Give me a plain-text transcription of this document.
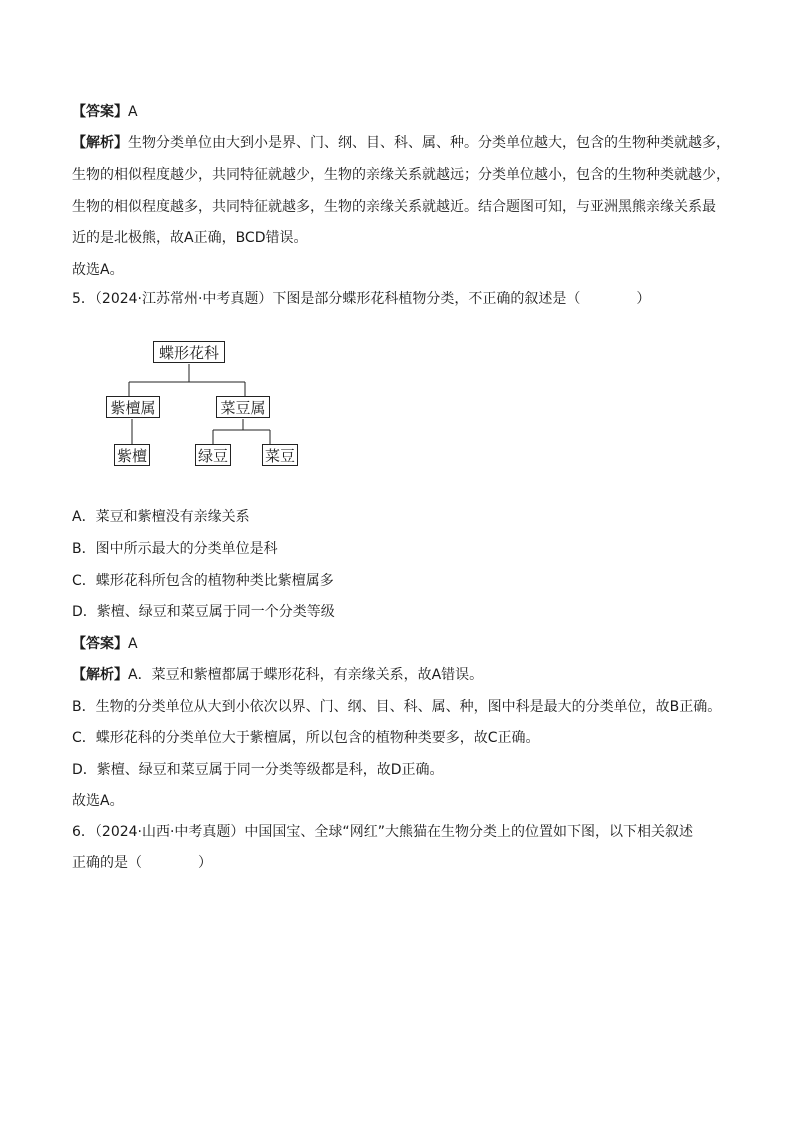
【答案】A
【解析】生物分类单位由大到小是界、门、纲、目、科、属、种。分类单位越大，包含的生物种类就越多，
生物的相似程度越少，共同特征就越少，生物的亲缘关系就越远；分类单位越小，包含的生物种类就越少，
生物的相似程度越多，共同特征就越多，生物的亲缘关系就越近。结合题图可知，与亚洲黑熊亲缘关系最
近的是北极熊，故A正确，BCD错误。
故选A。
5．（2024·江苏常州·中考真题）下图是部分蝶形花科植物分类，不正确的叙述是（　　　　）
蝶形花科
紫檀属	菜豆属
紫檀	绿豆 菜豆
A．菜豆和紫檀没有亲缘关系
B．图中所示最大的分类单位是科
C．蝶形花科所包含的植物种类比紫檀属多
D．紫檀、绿豆和菜豆属于同一个分类等级
【答案】A
【解析】A．菜豆和紫檀都属于蝶形花科，有亲缘关系，故A错误。
B．生物的分类单位从大到小依次以界、门、纲、目、科、属、种，图中科是最大的分类单位，故B正确。
C．蝶形花科的分类单位大于紫檀属，所以包含的植物种类要多，故C正确。
D．紫檀、绿豆和菜豆属于同一分类等级都是科，故D正确。
故选A。
6．（2024·山西·中考真题）中国国宝、全球“网红”大熊猫在生物分类上的位置如下图，以下相关叙述
正确的是（　　　　）
